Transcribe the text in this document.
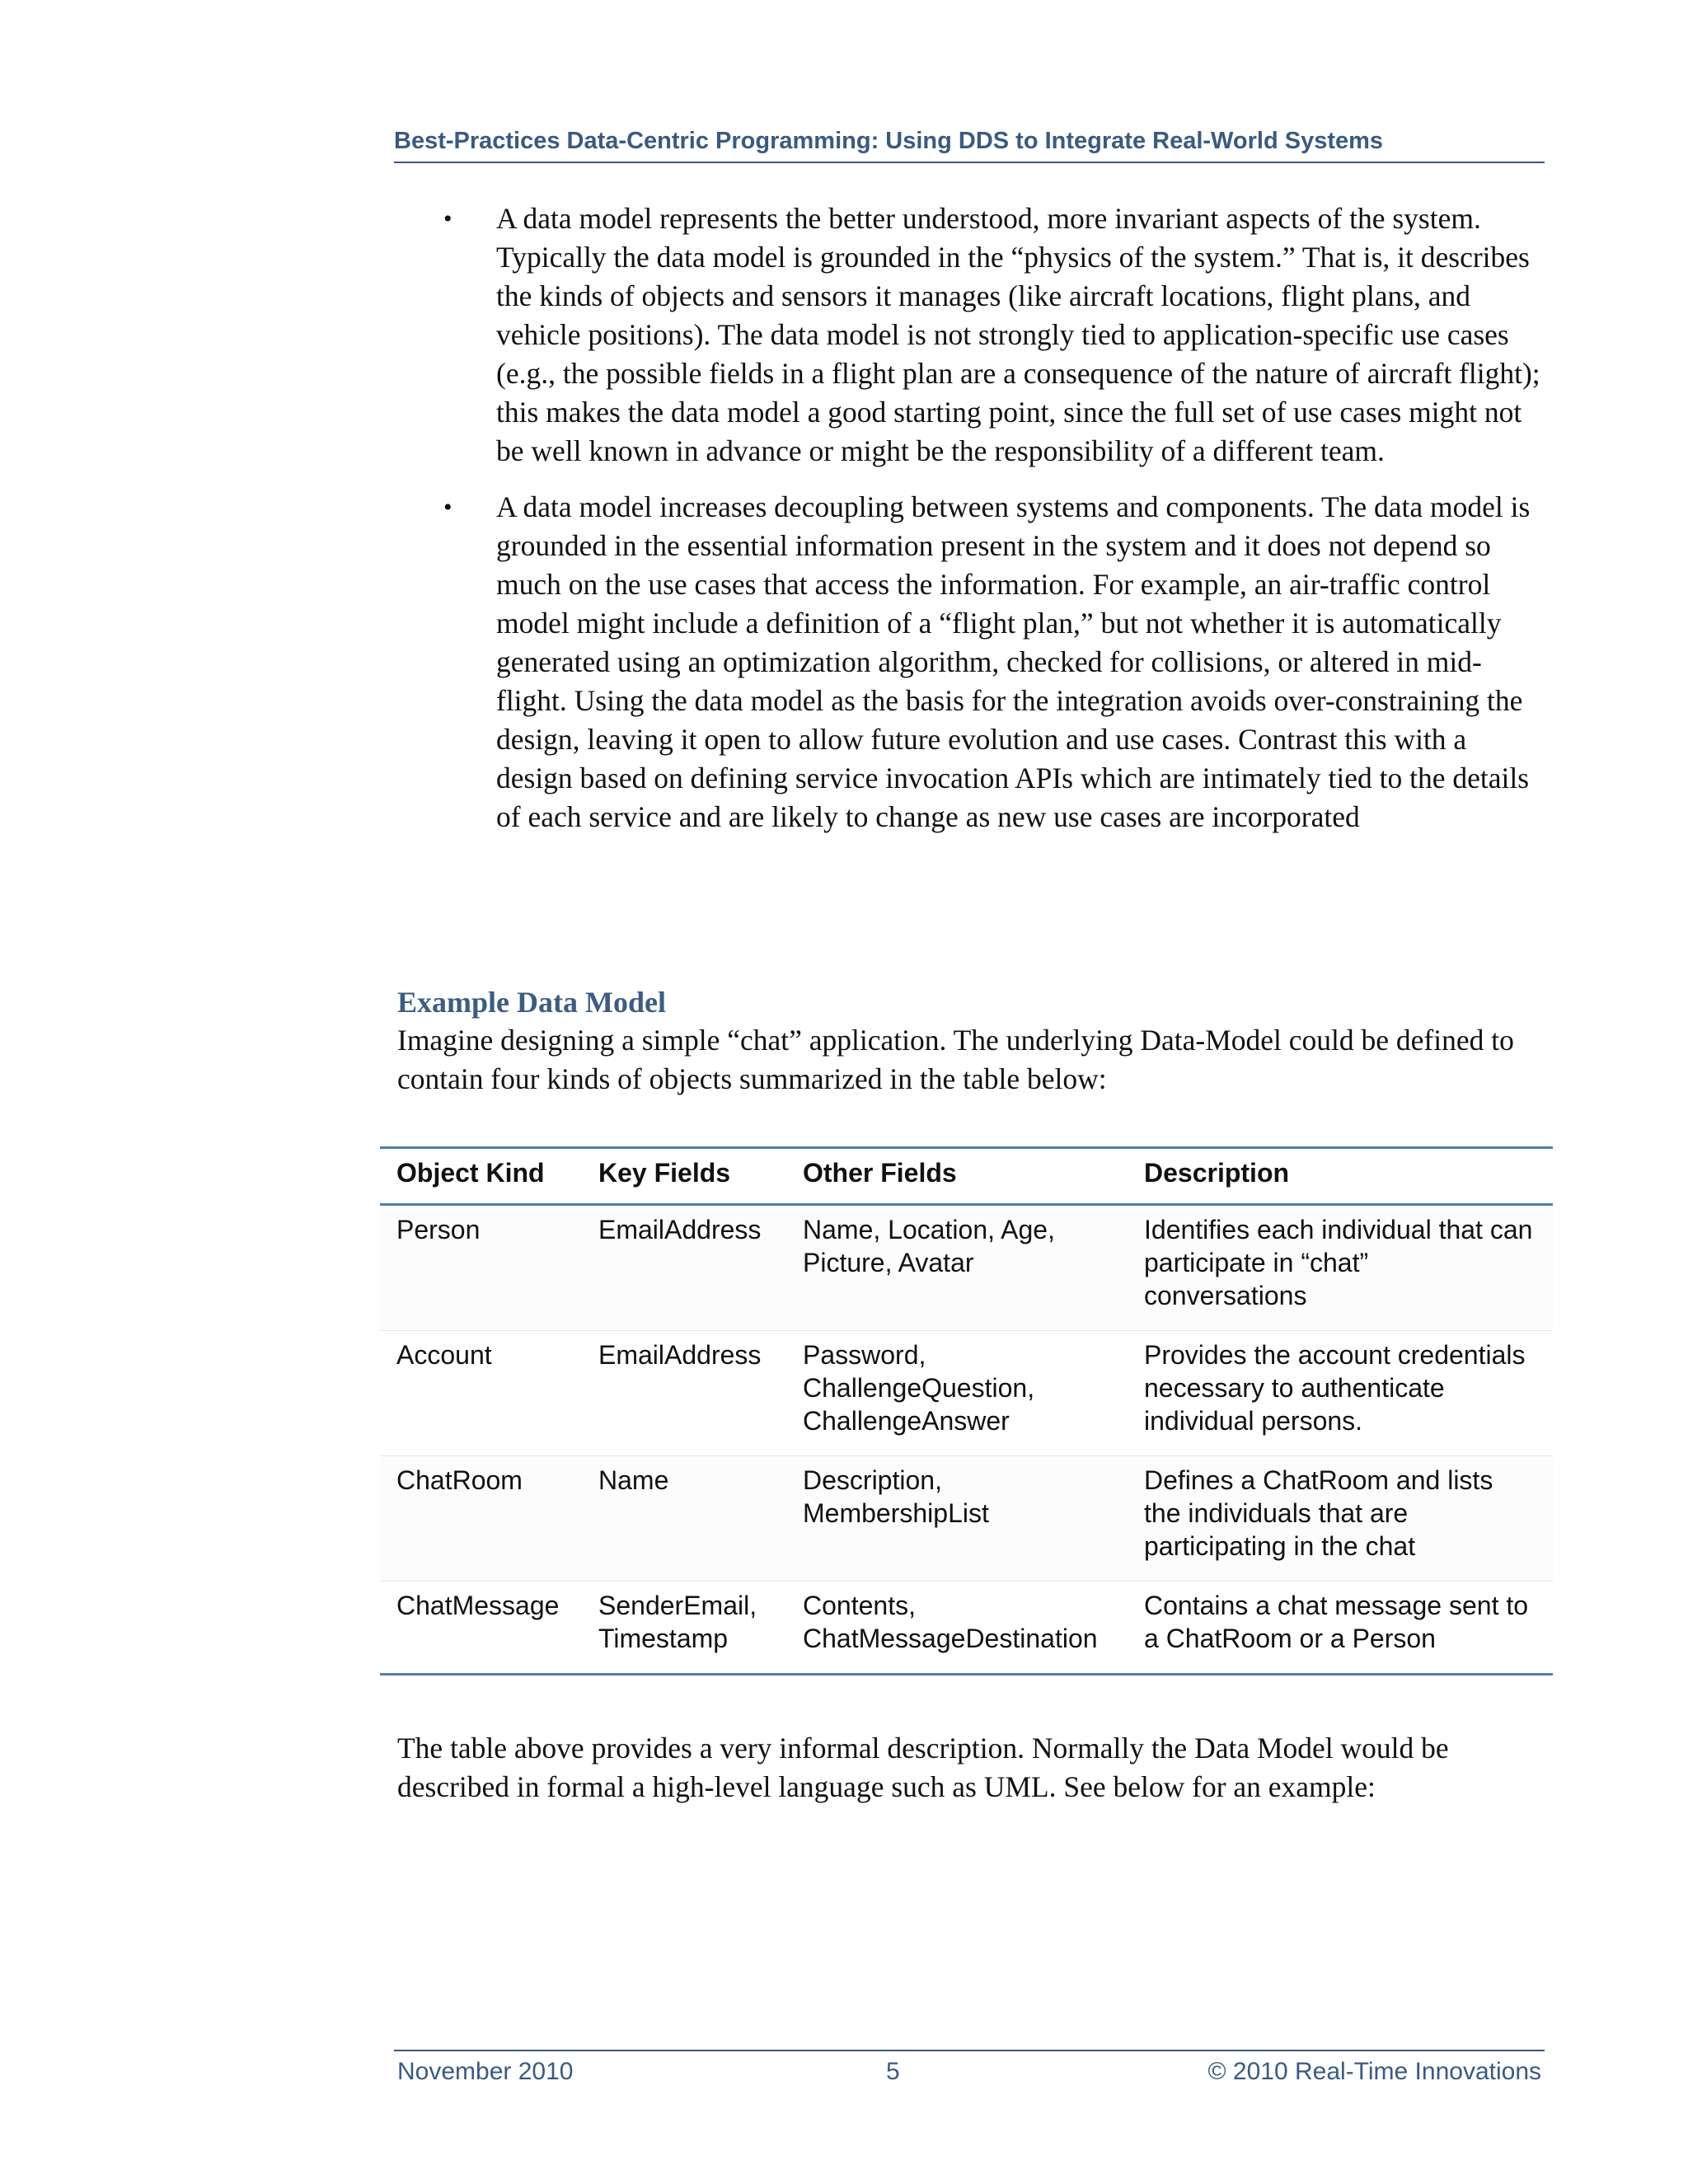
Best-Practices Data-Centric Programming: Using DDS to Integrate Real-World Systems
• A data model represents the better understood, more invariant aspects of the system. Typically the data model is grounded in the “physics of the system.” That is, it describes the kinds of objects and sensors it manages (like aircraft locations, flight plans, and vehicle positions). The data model is not strongly tied to application-specific use cases (e.g., the possible fields in a flight plan are a consequence of the nature of aircraft flight); this makes the data model a good starting point, since the full set of use cases might not be well known in advance or might be the responsibility of a different team.
• A data model increases decoupling between systems and components. The data model is grounded in the essential information present in the system and it does not depend so much on the use cases that access the information. For example, an air-traffic control model might include a definition of a “flight plan,” but not whether it is automatically generated using an optimization algorithm, checked for collisions, or altered in mid-flight. Using the data model as the basis for the integration avoids over-constraining the design, leaving it open to allow future evolution and use cases. Contrast this with a design based on defining service invocation APIs which are intimately tied to the details of each service and are likely to change as new use cases are incorporated
Example Data Model
Imagine designing a simple “chat” application. The underlying Data-Model could be defined to contain four kinds of objects summarized in the table below:
Object Kind	Key Fields	Other Fields	Description
Person	EmailAddress	Name, Location, Age, Picture, Avatar	Identifies each individual that can participate in “chat” conversations
Account	EmailAddress	Password, ChallengeQuestion, ChallengeAnswer	Provides the account credentials necessary to authenticate individual persons.
ChatRoom	Name	Description, MembershipList	Defines a ChatRoom and lists the individuals that are participating in the chat
ChatMessage	SenderEmail, Timestamp	Contents, ChatMessageDestination	Contains a chat message sent to a ChatRoom or a Person
The table above provides a very informal description. Normally the Data Model would be described in formal a high-level language such as UML. See below for an example:
November 2010	5	© 2010 Real-Time Innovations
